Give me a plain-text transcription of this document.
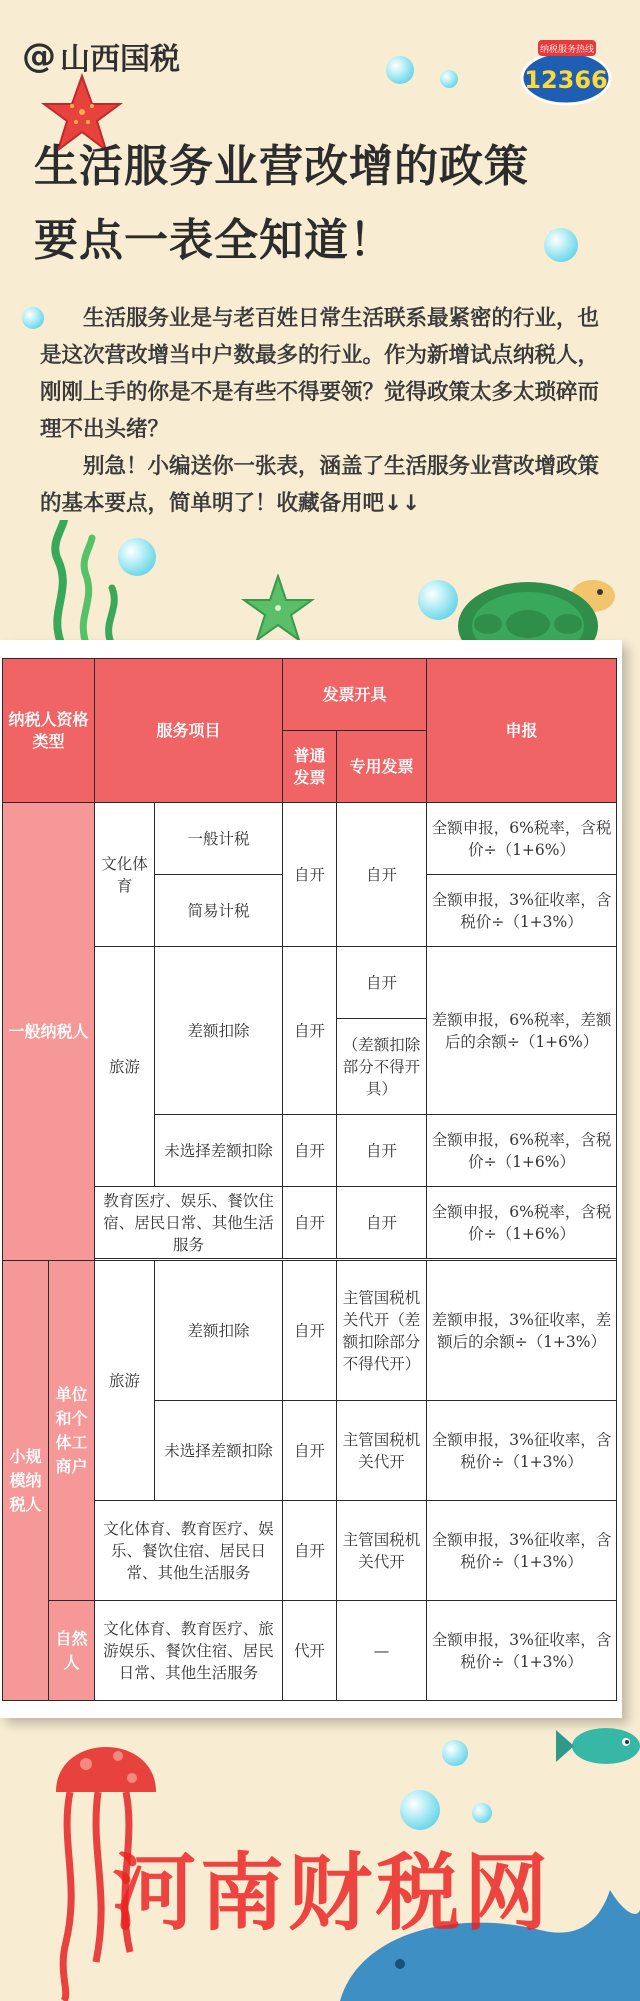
@ 山西国税	纳税服务热线
12366
生活服务业营改增的政策
要点一表全知道！

生活服务业是与老百姓日常生活联系最紧密的行业，也是这次营改增当中户数最多的行业。作为新增试点纳税人，刚刚上手的你是不是有些不得要领？觉得政策太多太琐碎而理不出头绪？

别急！小编送你一张表，涵盖了生活服务业营改增政策的基本要点，简单明了！收藏备用吧↓↓

纳税人资格类型		服务项目		发票开具		申报
				普通发票	专用发票	
一般纳税人		文化体育	一般计税	自开	自开	全额申报，6%税率，含税价÷（1+6%）
			简易计税			全额申报，3%征收率，含税价÷（1+3%）
		旅游	差额扣除	自开	自开	差额申报，6%税率，差额后的余额÷（1+6%）
					（差额扣除部分不得开具）	
			未选择差额扣除	自开	自开	全额申报，6%税率，含税价÷（1+6%）
		教育医疗、娱乐、餐饮住宿、居民日常、其他生活服务		自开	自开	全额申报，6%税率，含税价÷（1+6%）

小规模纳税人	单位和个体工商户	旅游	差额扣除	自开	主管国税机关代开（差额扣除部分不得代开）	差额申报，3%征收率，差额后的余额÷（1+3%）
			未选择差额扣除	自开	主管国税机关代开	全额申报，3%征收率，含税价÷（1+3%）
		文化体育、教育医疗、娱乐、餐饮住宿、居民日常、其他生活服务		自开	主管国税机关代开	全额申报，3%征收率，含税价÷（1+3%）
	自然人	文化体育、教育医疗、旅游娱乐、餐饮住宿、居民日常、其他生活服务		代开	—	全额申报，3%征收率，含税价÷（1+3%）
河南财税网
